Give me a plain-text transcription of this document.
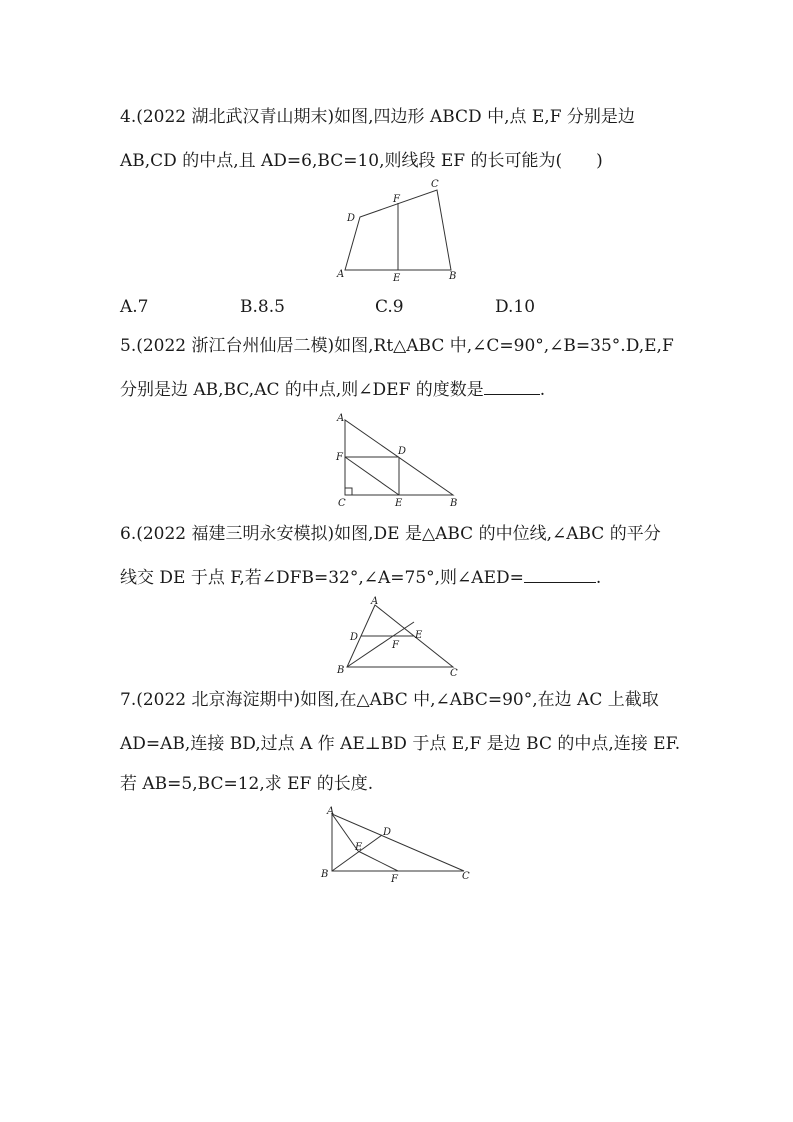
4.(2022 湖北武汉青山期末)如图,四边形 ABCD 中,点 E,F 分别是边
AB,CD 的中点,且 AD=6,BC=10,则线段 EF 的长可能为(　　)
A	B
C
D
E
F
A.7	B.8.5	C.9	D.10
5.(2022 浙江台州仙居二模)如图,Rt△ABC 中,∠C=90°,∠B=35°.D,E,F
分别是边 AB,BC,AC 的中点,则∠DEF 的度数是	.
A
B
C
D
E
F
6.(2022 福建三明永安模拟)如图,DE 是△ABC 的中位线,∠ABC 的平分
线交 DE 于点 F,若∠DFB=32°,∠A=75°,则∠AED=	.
A
B	C
D	E
F
7.(2022 北京海淀期中)如图,在△ABC 中,∠ABC=90°,在边 AC 上截取
AD=AB,连接 BD,过点 A 作 AE⊥BD 于点 E,F 是边 BC 的中点,连接 EF.
若 AB=5,BC=12,求 EF 的长度.
A
B	C
D
E
F
